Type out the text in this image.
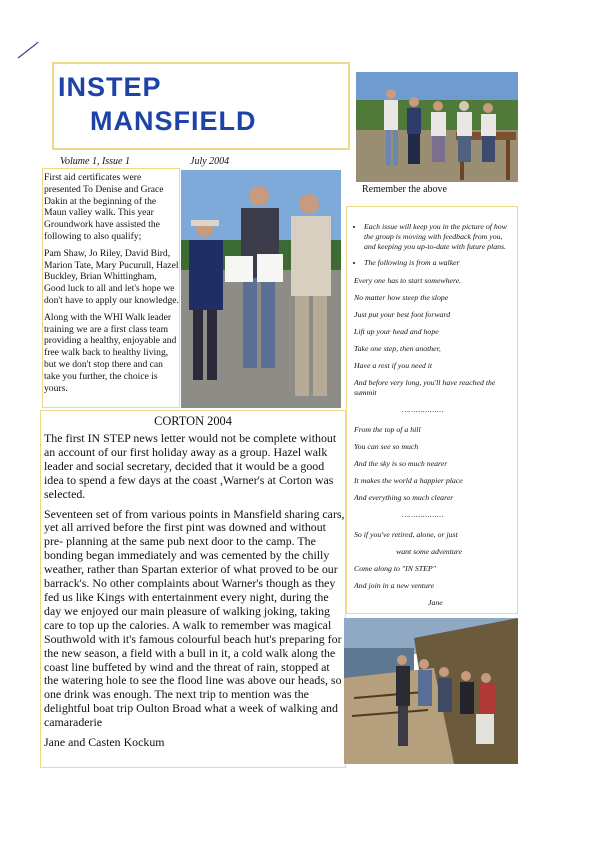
INSTEP
MANSFIELD
Volume 1, Issue 1	July 2004
Remember the above

First aid certificates were presented To Denise and Grace Dakin at the beginning of the Maun valley walk. This year Groundwork have assisted the following to also qualify;

Pam Shaw, Jo Riley, David Bird, Marion Tate, Mary Pucurull, Hazel Buckley, Brian Whittingham, Good luck to all and let's hope we don't have to apply our knowledge.

Along with the WHI Walk leader training we are a first class team providing a healthy, enjoyable and free walk back to healthy living, but we don't stop there and can take you further, the choice is yours.

• Each issue will keep you in the picture of how the group is moving with feedback from you, and keeping you up-to-date with future plans.
• The following is from a walker
Every one has to start somewhere.
No matter how steep the slope
Just put your best foot forward
Lift up your head and hope
Take one step, then another,
Have a rest if you need it
And before very long, you'll have reached the summit
………………
From the top of a hill
You can see so much
And the sky is so much nearer
It makes the world a happier place
And everything so much clearer
………………
So if you've retired, alone, or just
want some adventure
Come along to "IN STEP"
And join in a new venture
Jane
CORTON 2004

The first IN STEP news letter would not be complete without an account of our first holiday away as a group. Hazel walk leader and social secretary, decided that it would be a good idea to spend a few days at the coast ,Warner's at Corton was selected.

Seventeen set of from various points in Mansfield sharing cars, yet all arrived before the first pint was downed and without pre- planning at the same pub next door to the camp. The bonding began immediately and was cemented by the chilly weather, rather than Spartan exterior of what proved to be our barrack's. No other complaints about Warner's though as they fed us like Kings with entertainment every night, during the day we enjoyed our main pleasure of walking joking, taking care to top up the calories. A walk to remember was magical Southwold with it's famous colourful beach hut's preparing for the new season, a field with a bull in it, a cold walk along the coast line buffeted by wind and the threat of rain, stopped at the watering hole to see the flood line was above our heads, so one drink was enough. The next trip to mention was the delightful boat trip Oulton Broad what a week of walking and camaraderie

Jane and Casten Kockum
